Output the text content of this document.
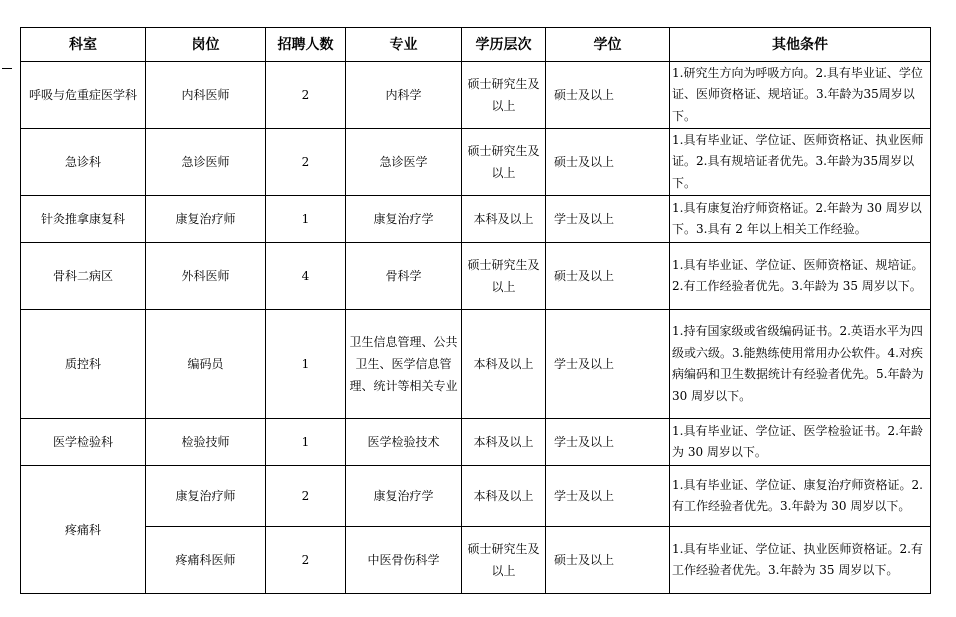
科室	岗位	招聘人数	专业	学历层次	学位	其他条件
呼吸与危重症医学科	内科医师	2	内科学	硕士研究生及以上	硕士及以上	1.研究生方向为呼吸方向。2.具有毕业证、学位证、医师资格证、规培证。3.年龄为35周岁以下。
急诊科	急诊医师	2	急诊医学	硕士研究生及以上	硕士及以上	1.具有毕业证、学位证、医师资格证、执业医师证。2.具有规培证者优先。3.年龄为35周岁以下。
针灸推拿康复科	康复治疗师	1	康复治疗学	本科及以上	学士及以上	1.具有康复治疗师资格证。2.年龄为 30 周岁以下。3.具有 2 年以上相关工作经验。
骨科二病区	外科医师	4	骨科学	硕士研究生及以上	硕士及以上	1.具有毕业证、学位证、医师资格证、规培证。2.有工作经验者优先。3.年龄为 35 周岁以下。
质控科	编码员	1	卫生信息管理、公共卫生、医学信息管理、统计等相关专业	本科及以上	学士及以上	1.持有国家级或省级编码证书。2.英语水平为四级或六级。3.能熟练使用常用办公软件。4.对疾病编码和卫生数据统计有经验者优先。5.年龄为 30 周岁以下。
医学检验科	检验技师	1	医学检验技术	本科及以上	学士及以上	1.具有毕业证、学位证、医学检验证书。2.年龄为 30 周岁以下。
疼痛科	康复治疗师	2	康复治疗学	本科及以上	学士及以上	1.具有毕业证、学位证、康复治疗师资格证。2.有工作经验者优先。3.年龄为 30 周岁以下。
	疼痛科医师	2	中医骨伤科学	硕士研究生及以上	硕士及以上	1.具有毕业证、学位证、执业医师资格证。2.有工作经验者优先。3.年龄为 35 周岁以下。
